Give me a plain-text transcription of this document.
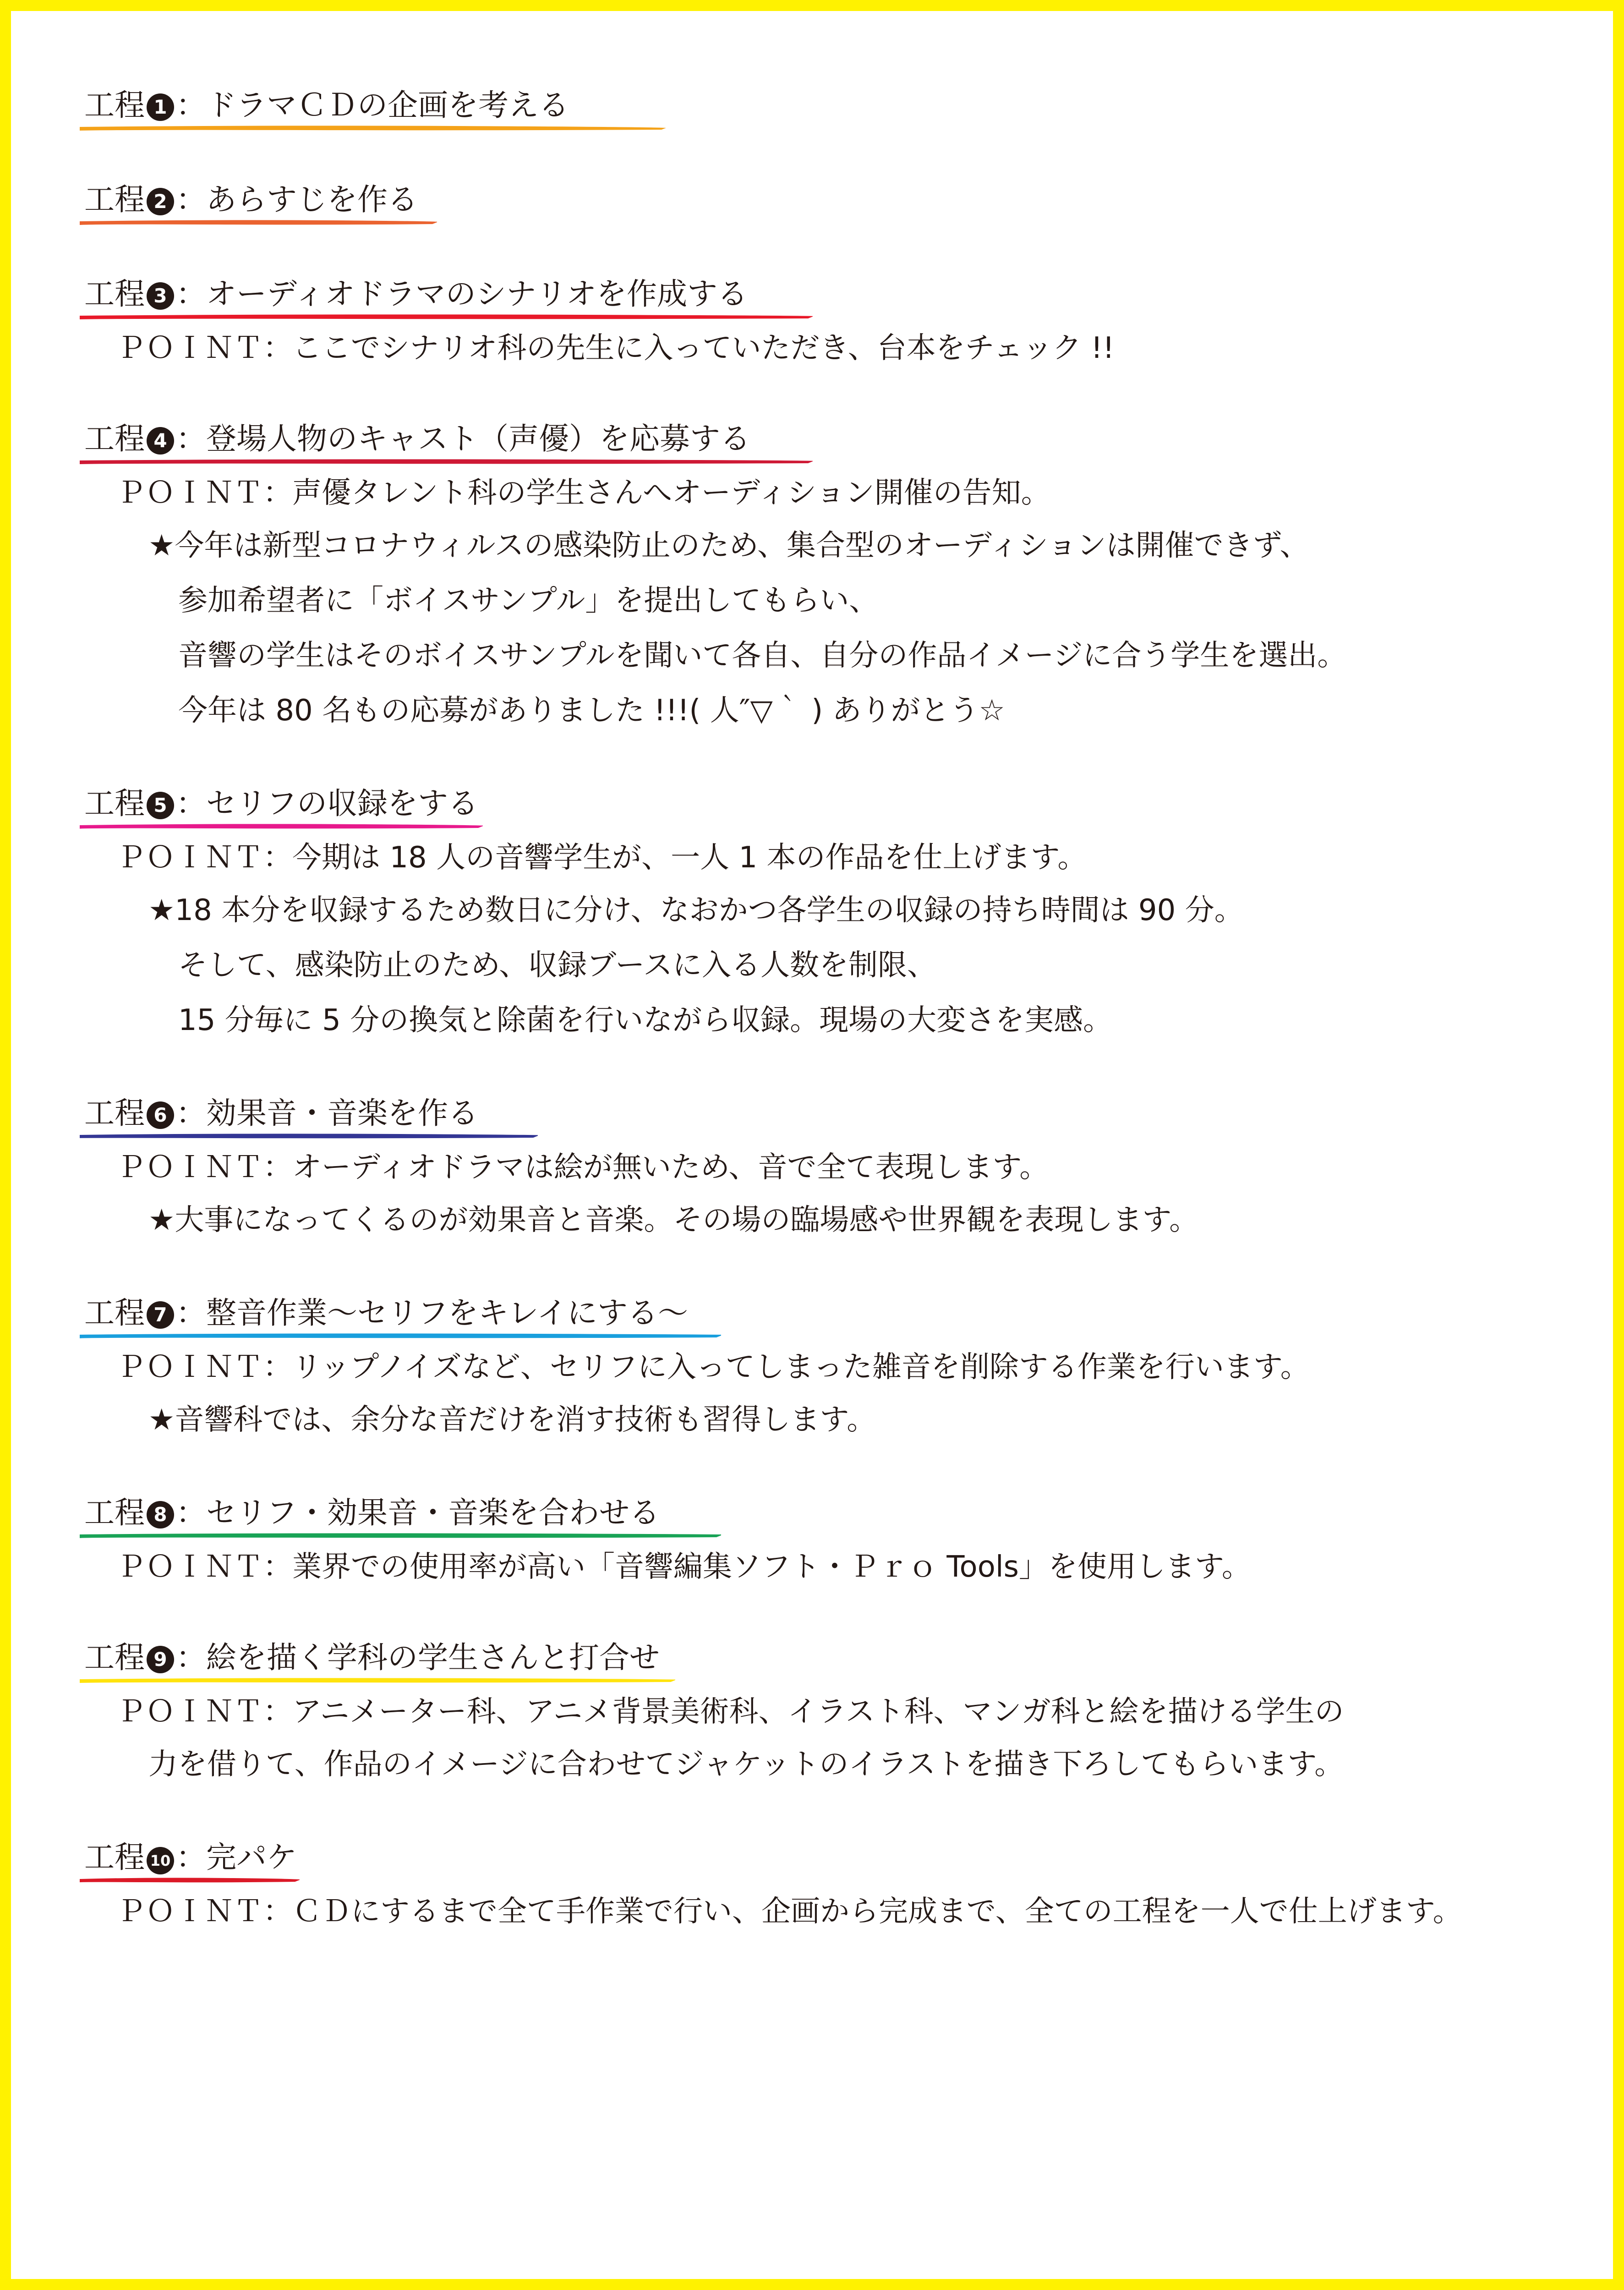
工程 1 ：ドラマＣＤの企画を考える
工程 2 ：あらすじを作る
工程 3 ：オーディオドラマのシナリオを作成する
ＰＯＩＮＴ：ここでシナリオ科の先生に入っていただき、台本をチェック !!
工程 4 ：登場人物のキャスト（声優）を応募する
ＰＯＩＮＴ：声優タレント科の学生さんへオーディション開催の告知。
★今年は新型コロナウィルスの感染防止のため、集合型のオーディションは開催できず、
参加希望者に「ボイスサンプル」を提出してもらい、
音響の学生はそのボイスサンプルを聞いて各自、自分の作品イメージに合う学生を選出。
今年は 80 名もの応募がありました !!!( 人″▽｀ ) ありがとう☆
工程 5 ：セリフの収録をする
ＰＯＩＮＴ：今期は 18 人の音響学生が、一人 1 本の作品を仕上げます。
★18 本分を収録するため数日に分け、なおかつ各学生の収録の持ち時間は 90 分。
そして、感染防止のため、収録ブースに入る人数を制限、
15 分毎に 5 分の換気と除菌を行いながら収録。現場の大変さを実感。
工程 6 ：効果音・音楽を作る
ＰＯＩＮＴ：オーディオドラマは絵が無いため、音で全て表現します。
★大事になってくるのが効果音と音楽。その場の臨場感や世界観を表現します。
工程 7 ：整音作業～セリフをキレイにする～
ＰＯＩＮＴ：リップノイズなど、セリフに入ってしまった雑音を削除する作業を行います。
★音響科では、余分な音だけを消す技術も習得します。
工程 8 ：セリフ・効果音・音楽を合わせる
ＰＯＩＮＴ：業界での使用率が高い「音響編集ソフト・Ｐｒｏ Tools」を使用します。
工程 9 ：絵を描く学科の学生さんと打合せ
ＰＯＩＮＴ：アニメーター科、アニメ背景美術科、イラスト科、マンガ科と絵を描ける学生の
力を借りて、作品のイメージに合わせてジャケットのイラストを描き下ろしてもらいます。
工程 10 ：完パケ
ＰＯＩＮＴ：ＣＤにするまで全て手作業で行い、企画から完成まで、全ての工程を一人で仕上げます。
